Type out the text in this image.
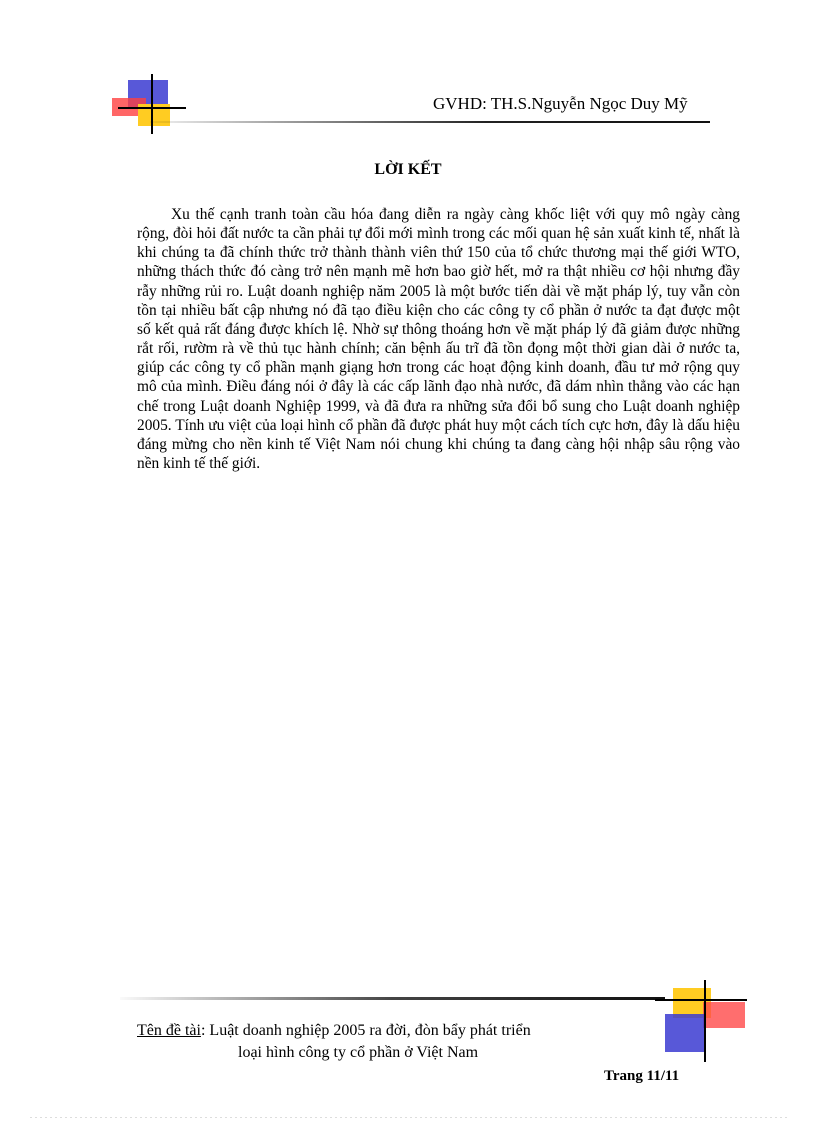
GVHD: TH.S.Nguyễn Ngọc Duy Mỹ
LỜI KẾT
Xu thế cạnh tranh toàn cầu hóa đang diễn ra ngày càng khốc liệt với quy mô ngày càng rộng, đòi hỏi đất nước ta cần phải tự đổi mới mình trong các mối quan hệ sản xuất kinh tế, nhất là khi chúng ta đã chính thức trở thành thành viên thứ 150 của tổ chức thương mại thế giới WTO, những thách thức đó càng trở nên mạnh mẽ hơn bao giờ hết, mở ra thật nhiều cơ hội nhưng đầy rẫy những rủi ro. Luật doanh nghiệp năm 2005 là một bước tiến dài về mặt pháp lý, tuy vẫn còn tồn tại nhiều bất cập nhưng nó đã tạo điều kiện cho các công ty cổ phần ở nước ta đạt được một số kết quả rất đáng được khích lệ. Nhờ sự thông thoáng hơn về mặt pháp lý đã giảm được những rắt rối, rườm rà về thủ tục hành chính; căn bệnh ấu trĩ đã tồn đọng một thời gian dài ở nước ta, giúp các công ty cổ phần mạnh giạng hơn trong các hoạt động kinh doanh, đầu tư mở rộng quy mô của mình. Điều đáng nói ở đây là các cấp lãnh đạo nhà nước, đã dám nhìn thẳng vào các hạn chế trong Luật doanh Nghiệp 1999, và đã đưa ra những sửa đổi bổ sung cho Luật doanh nghiệp 2005. Tính ưu việt của loại hình cổ phần đã được phát huy một cách tích cực hơn, đây là dấu hiệu đáng mừng cho nền kinh tế Việt Nam nói chung khi chúng ta đang càng hội nhập sâu rộng vào nền kinh tế thế giới.
Tên đề tài: Luật doanh nghiệp 2005 ra đời, đòn bẩy phát triển
loại hình công ty cổ phần ở Việt Nam
Trang 11/11
